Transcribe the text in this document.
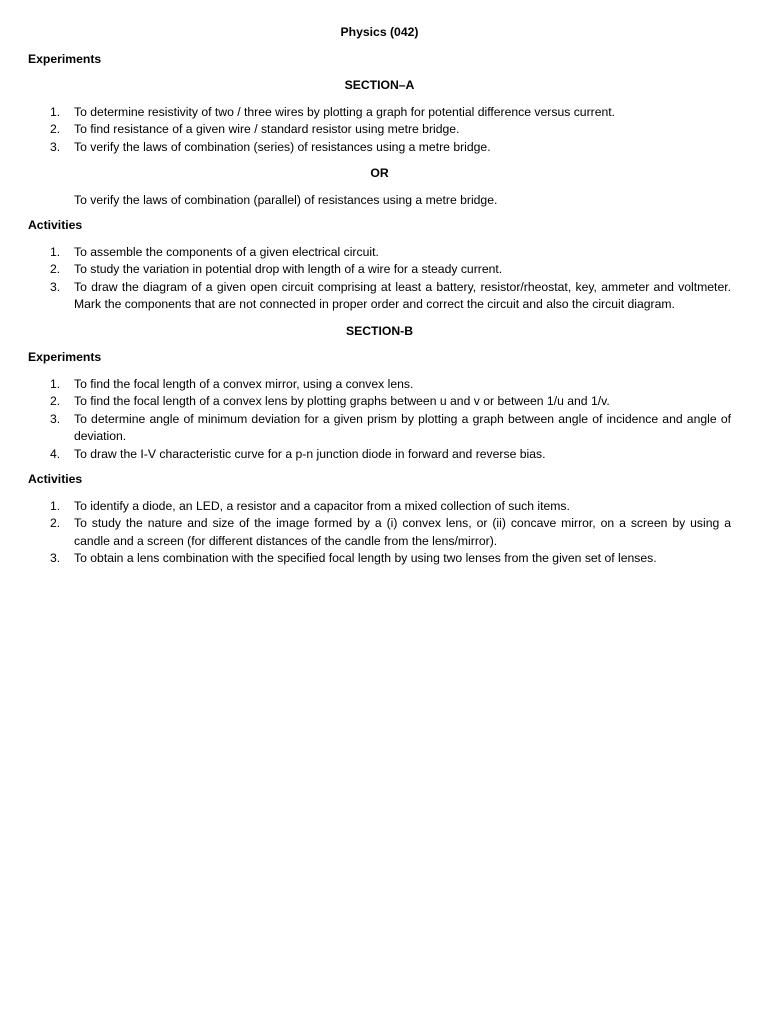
Physics (042)

Experiments

SECTION–A

1. To determine resistivity of two / three wires by plotting a graph for potential difference versus current.
2. To find resistance of a given wire / standard resistor using metre bridge.
3. To verify the laws of combination (series) of resistances using a metre bridge.

OR

To verify the laws of combination (parallel) of resistances using a metre bridge.

Activities

1. To assemble the components of a given electrical circuit.
2. To study the variation in potential drop with length of a wire for a steady current.
3. To draw the diagram of a given open circuit comprising at least a battery, resistor/rheostat, key, ammeter and voltmeter. Mark the components that are not connected in proper order and correct the circuit and also the circuit diagram.

SECTION-B

Experiments

1. To find the focal length of a convex mirror, using a convex lens.
2. To find the focal length of a convex lens by plotting graphs between u and v or between 1/u and 1/v.
3. To determine angle of minimum deviation for a given prism by plotting a graph between angle of incidence and angle of deviation.
4. To draw the I-V characteristic curve for a p-n junction diode in forward and reverse bias.

Activities

1. To identify a diode, an LED, a resistor and a capacitor from a mixed collection of such items.
2. To study the nature and size of the image formed by a (i) convex lens, or (ii) concave mirror, on a screen by using a candle and a screen (for different distances of the candle from the lens/mirror).
3. To obtain a lens combination with the specified focal length by using two lenses from the given set of lenses.
